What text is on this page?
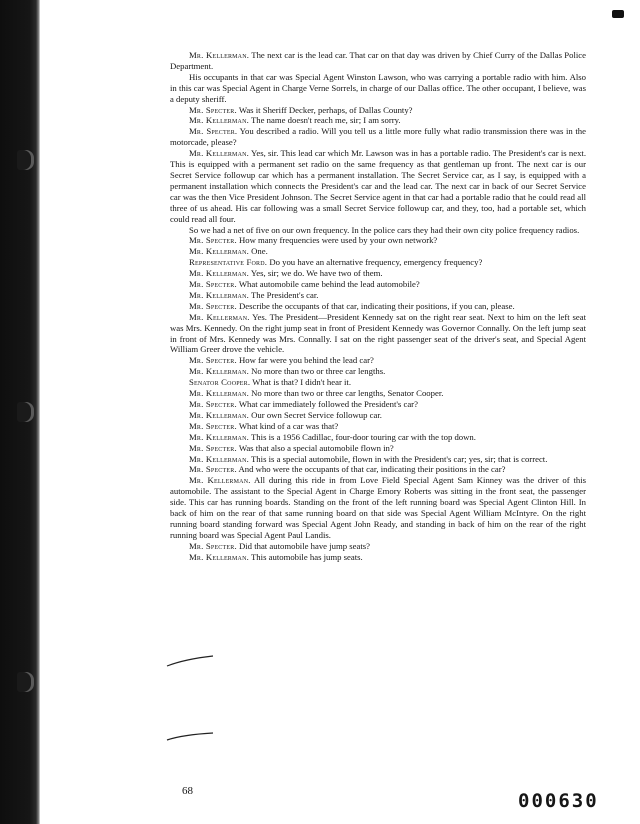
Mr. Kellerman. The next car is the lead car. That car on that day was driven by Chief Curry of the Dallas Police Department.

His occupants in that car was Special Agent Winston Lawson, who was carrying a portable radio with him. Also in this car was Special Agent in Charge Verne Sorrels, in charge of our Dallas office. The other occupant, I believe, was a deputy sheriff.

Mr. Specter. Was it Sheriff Decker, perhaps, of Dallas County?

Mr. Kellerman. The name doesn't reach me, sir; I am sorry.

Mr. Specter. You described a radio. Will you tell us a little more fully what radio transmission there was in the motorcade, please?

Mr. Kellerman. Yes, sir. This lead car which Mr. Lawson was in has a portable radio. The President's car is next. This is equipped with a permanent set radio on the same frequency as that gentleman up front. The next car is our Secret Service followup car which has a permanent installation. The Secret Service car, as I say, is equipped with a permanent installation which connects the President's car and the lead car. The next car in back of our Secret Service car was the then Vice President Johnson. The Secret Service agent in that car had a portable radio that he could read all three of us ahead. His car following was a small Secret Service followup car, and they, too, had a portable set, which could read all four.

So we had a net of five on our own frequency. In the police cars they had their own city police frequency radios.

Mr. Specter. How many frequencies were used by your own network?

Mr. Kellerman. One.

Representative Ford. Do you have an alternative frequency, emergency frequency?

Mr. Kellerman. Yes, sir; we do. We have two of them.

Mr. Specter. What automobile came behind the lead automobile?

Mr. Kellerman. The President's car.

Mr. Specter. Describe the occupants of that car, indicating their positions, if you can, please.

Mr. Kellerman. Yes. The President—President Kennedy sat on the right rear seat. Next to him on the left seat was Mrs. Kennedy. On the right jump seat in front of President Kennedy was Governor Connally. On the left jump seat in front of Mrs. Kennedy was Mrs. Connally. I sat on the right passenger seat of the driver's seat, and Special Agent William Greer drove the vehicle.

Mr. Specter. How far were you behind the lead car?

Mr. Kellerman. No more than two or three car lengths.

Senator Cooper. What is that? I didn't hear it.

Mr. Kellerman. No more than two or three car lengths, Senator Cooper.

Mr. Specter. What car immediately followed the President's car?

Mr. Kellerman. Our own Secret Service followup car.

Mr. Specter. What kind of a car was that?

Mr. Kellerman. This is a 1956 Cadillac, four-door touring car with the top down.

Mr. Specter. Was that also a special automobile flown in?

Mr. Kellerman. This is a special automobile, flown in with the President's car; yes, sir; that is correct.

Mr. Specter. And who were the occupants of that car, indicating their positions in the car?

Mr. Kellerman. All during this ride in from Love Field Special Agent Sam Kinney was the driver of this automobile. The assistant to the Special Agent in Charge Emory Roberts was sitting in the front seat, the passenger side. This car has running boards. Standing on the front of the left running board was Special Agent Clinton Hill. In back of him on the rear of that same running board on that side was Special Agent William McIntyre. On the right running board standing forward was Special Agent John Ready, and standing in back of him on the rear of the right running board was Special Agent Paul Landis.

Mr. Specter. Did that automobile have jump seats?

Mr. Kellerman. This automobile has jump seats.

68	000630
